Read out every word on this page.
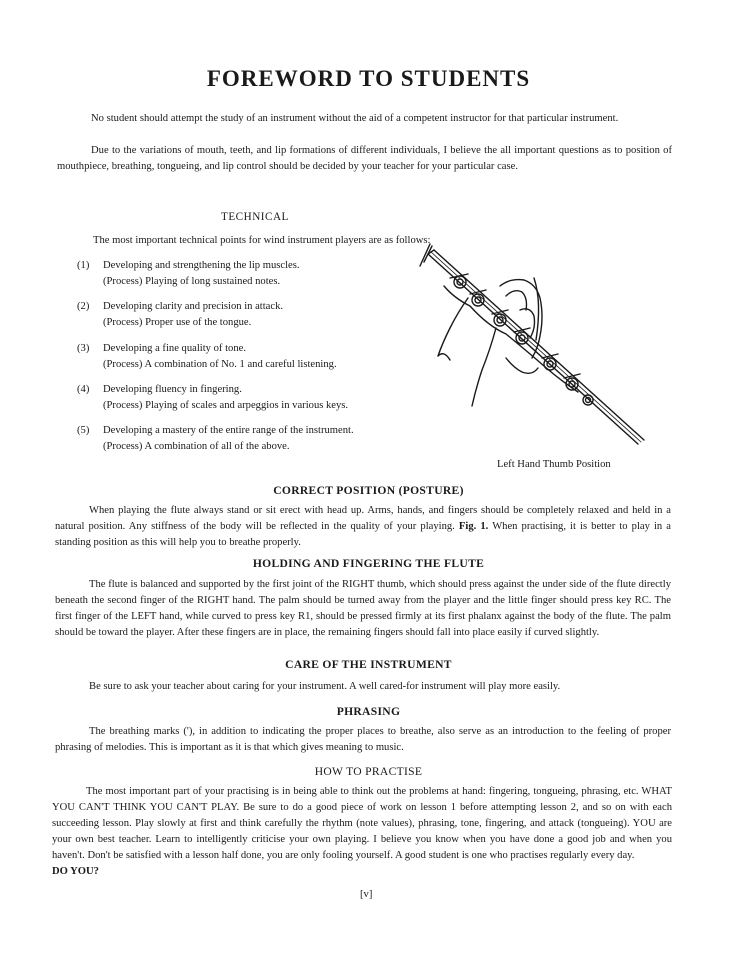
FOREWORD TO STUDENTS
No student should attempt the study of an instrument without the aid of a competent instructor for that particular instrument.
Due to the variations of mouth, teeth, and lip formations of different individuals, I believe the all important questions as to position of mouthpiece, breathing, tongueing, and lip control should be decided by your teacher for your particular case.
TECHNICAL
The most important technical points for wind instrument players are as follows:
(1) Developing and strengthening the lip muscles.
(Process) Playing of long sustained notes.
(2) Developing clarity and precision in attack.
(Process) Proper use of the tongue.
(3) Developing a fine quality of tone.
(Process) A combination of No. 1 and careful listening.
(4) Developing fluency in fingering.
(Process) Playing of scales and arpeggios in various keys.
(5) Developing a mastery of the entire range of the instrument.
(Process) A combination of all of the above.
Left Hand Thumb Position
CORRECT POSITION (POSTURE)
When playing the flute always stand or sit erect with head up. Arms, hands, and fingers should be completely relaxed and held in a natural position. Any stiffness of the body will be reflected in the quality of your playing. Fig. 1. When practising, it is better to play in a standing position as this will help you to breathe properly.
HOLDING AND FINGERING THE FLUTE
The flute is balanced and supported by the first joint of the RIGHT thumb, which should press against the under side of the flute directly beneath the second finger of the RIGHT hand. The palm should be turned away from the player and the little finger should press key RC. The first finger of the LEFT hand, while curved to press key R1, should be pressed firmly at its first phalanx against the body of the flute. The palm should be toward the player. After these fingers are in place, the remaining fingers should fall into place easily if curved slightly.
CARE OF THE INSTRUMENT
Be sure to ask your teacher about caring for your instrument. A well cared-for instrument will play more easily.
PHRASING
The breathing marks ('), in addition to indicating the proper places to breathe, also serve as an introduction to the feeling of proper phrasing of melodies. This is important as it is that which gives meaning to music.
HOW TO PRACTISE
The most important part of your practising is in being able to think out the problems at hand: fingering, tongueing, phrasing, etc. WHAT YOU CAN'T THINK YOU CAN'T PLAY. Be sure to do a good piece of work on lesson 1 before attempting lesson 2, and so on with each succeeding lesson. Play slowly at first and think carefully the rhythm (note values), phrasing, tone, fingering, and attack (tongueing). YOU are your own best teacher. Learn to intelligently criticise your own playing. I believe you know when you have done a good job and when you haven't. Don't be satisfied with a lesson half done, you are only fooling yourself. A good student is one who practises regularly every day.
DO YOU?
[v]
